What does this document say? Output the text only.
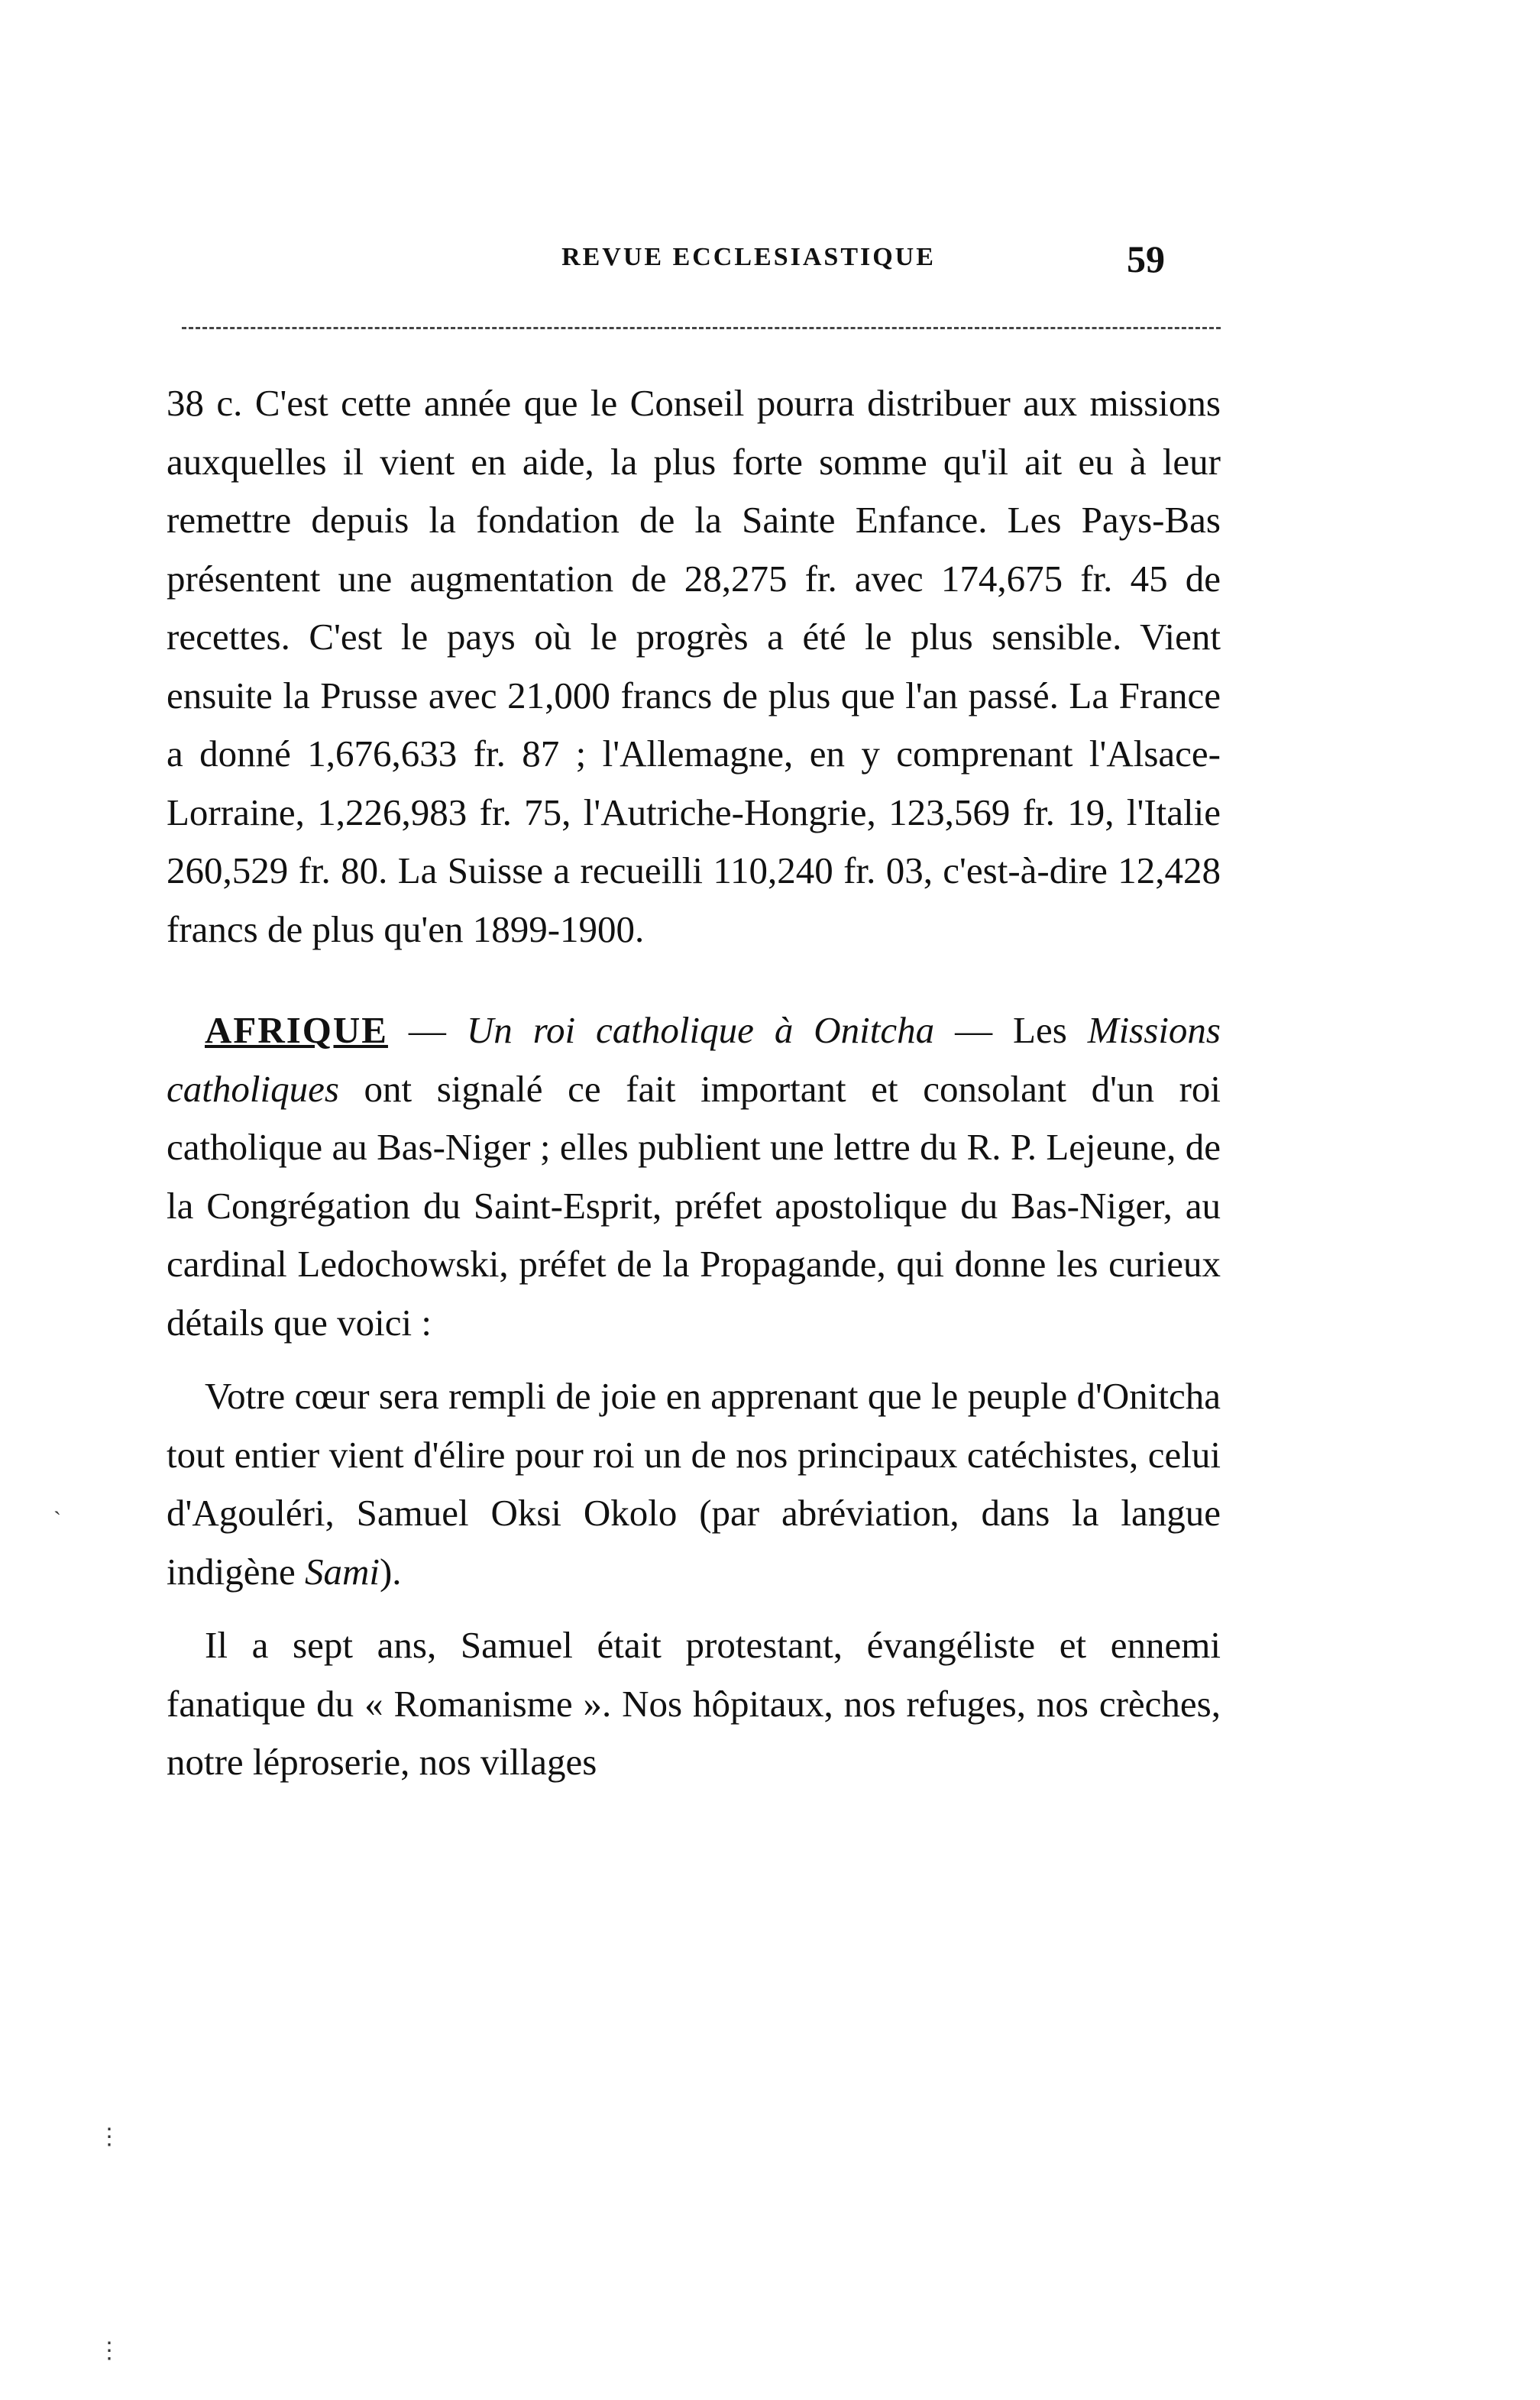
REVUE ECCLESIASTIQUE	59

38 c. C'est cette année que le Conseil pourra distribuer aux missions auxquelles il vient en aide, la plus forte somme qu'il ait eu à leur remettre depuis la fondation de la Sainte Enfance. Les Pays-Bas présentent une augmentation de 28,275 fr. avec 174,675 fr. 45 de recettes. C'est le pays où le progrès a été le plus sensible. Vient ensuite la Prusse avec 21,000 francs de plus que l'an passé. La France a donné 1,676,633 fr. 87 ; l'Allemagne, en y comprenant l'Alsace-Lorraine, 1,226,983 fr. 75, l'Autriche-Hongrie, 123,569 fr. 19, l'Italie 260,529 fr. 80. La Suisse a recueilli 110,240 fr. 03, c'est-à-dire 12,428 francs de plus qu'en 1899-1900.

AFRIQUE — Un roi catholique à Onitcha — Les Missions catholiques ont signalé ce fait important et consolant d'un roi catholique au Bas-Niger ; elles publient une lettre du R. P. Lejeune, de la Congrégation du Saint-Esprit, préfet apostolique du Bas-Niger, au cardinal Ledochowski, préfet de la Propagande, qui donne les curieux détails que voici :

Votre cœur sera rempli de joie en apprenant que le peuple d'Onitcha tout entier vient d'élire pour roi un de nos principaux catéchistes, celui d'Agouléri, Samuel Oksi Okolo (par abréviation, dans la langue indigène Sami).

Il a sept ans, Samuel était protestant, évangéliste et ennemi fanatique du « Romanisme ». Nos hôpitaux, nos refuges, nos crèches, notre léproserie, nos villages

˴
⋮
⋮
